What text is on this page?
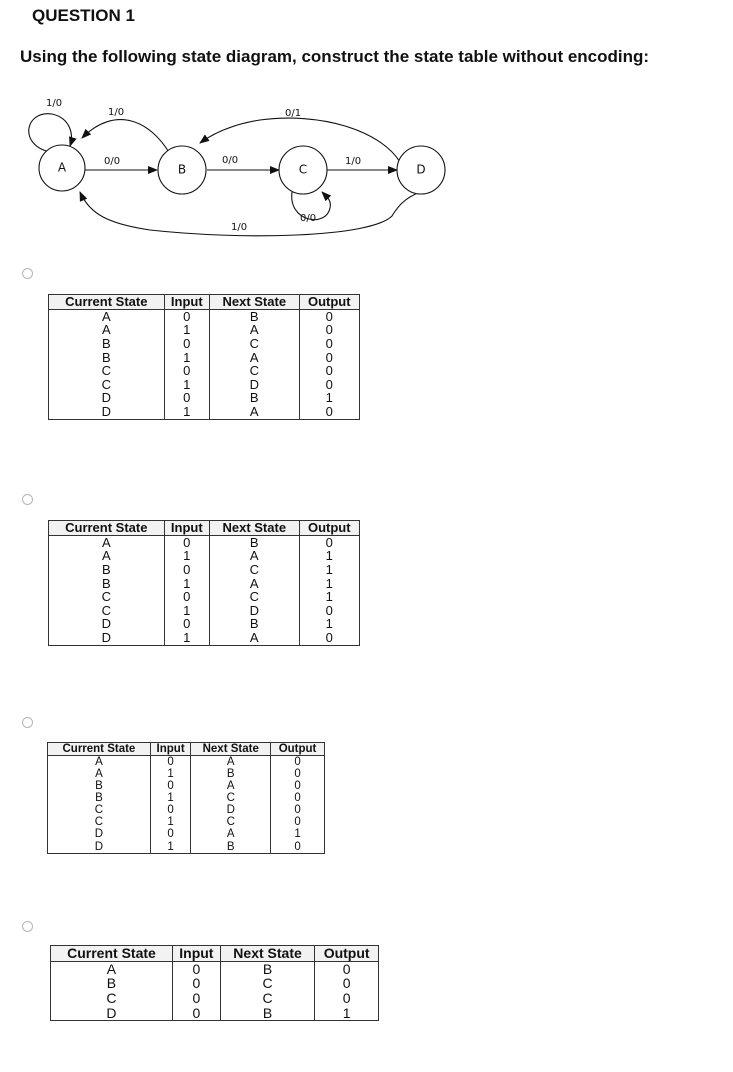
QUESTION 1
Using the following state diagram, construct the state table without encoding:
A	B	C	D
1/0
1/0	0/1
0/0	0/0	1/0
0/0
1/0
Current State	Input	Next State	Output
A	0	B	0
A	1	A	0
B	0	C	0
B	1	A	0
C	0	C	0
C	1	D	0
D	0	B	1
D	1	A	0
Current State	Input	Next State	Output
A	0	B	0
A	1	A	1
B	0	C	1
B	1	A	1
C	0	C	1
C	1	D	0
D	0	B	1
D	1	A	0
Current State	Input	Next State	Output
A	0	A	0
A	1	B	0
B	0	A	0
B	1	C	0
C	0	D	0
C	1	C	0
D	0	A	1
D	1	B	0
Current State	Input	Next State	Output
A	0	B	0
B	0	C	0
C	0	C	0
D	0	B	1
